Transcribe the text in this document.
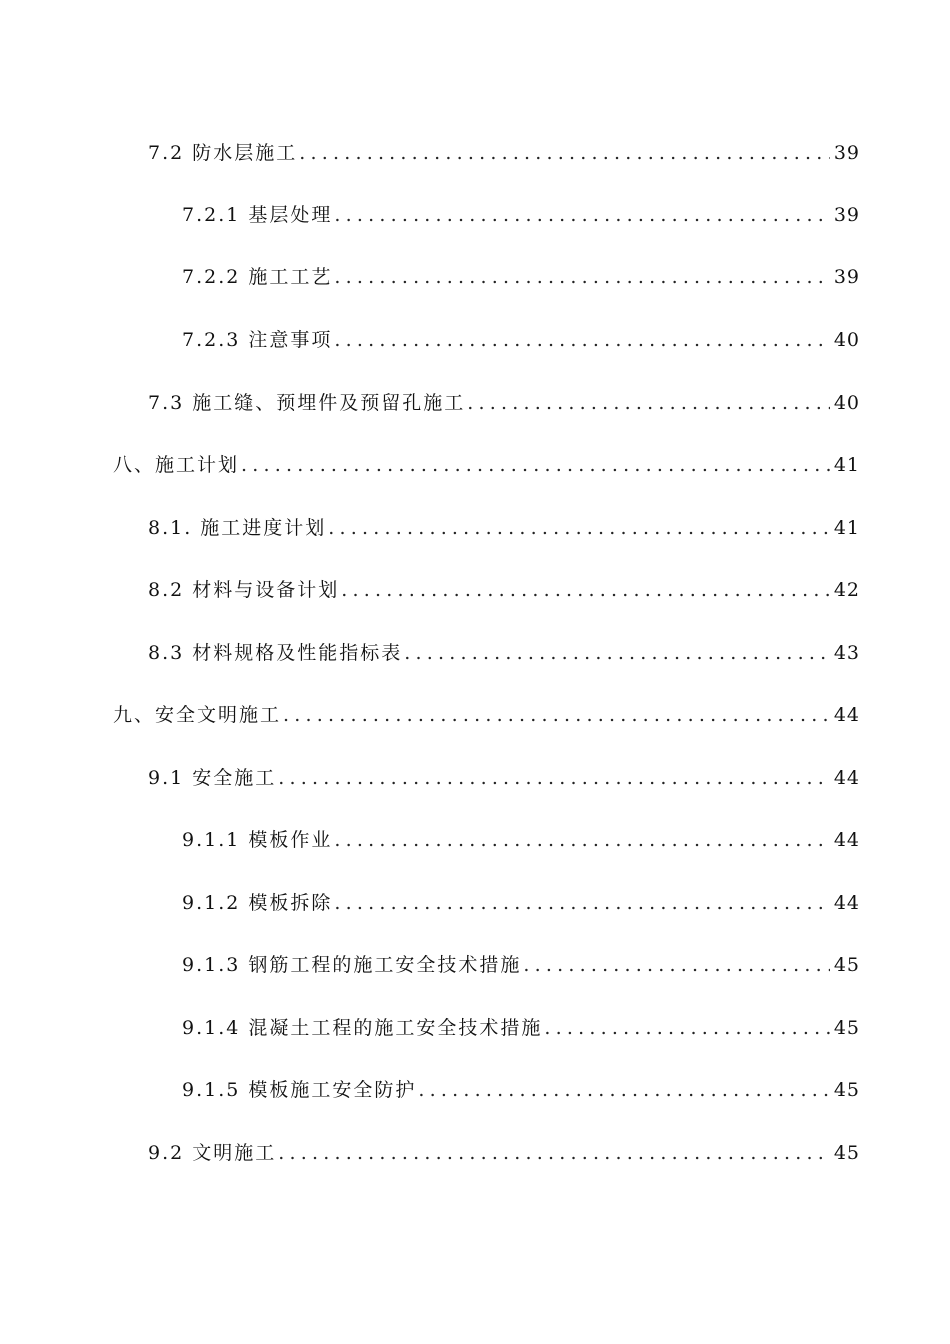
7.2 防水层施工 .....	39
7.2.1 基层处理 .....	39
7.2.2 施工工艺 .....	39
7.2.3 注意事项 .....	40
7.3 施工缝、预埋件及预留孔施工 .....	40
八、施工计划 .....	41
8.1. 施工进度计划 .....	41
8.2 材料与设备计划 .....	42
8.3 材料规格及性能指标表 .....	43
九、安全文明施工 .....	44
9.1 安全施工 .....	44
9.1.1 模板作业 .....	44
9.1.2 模板拆除 .....	44
9.1.3 钢筋工程的施工安全技术措施 .....	45
9.1.4 混凝土工程的施工安全技术措施 .....	45
9.1.5 模板施工安全防护 .....	45
9.2 文明施工 .....	45
